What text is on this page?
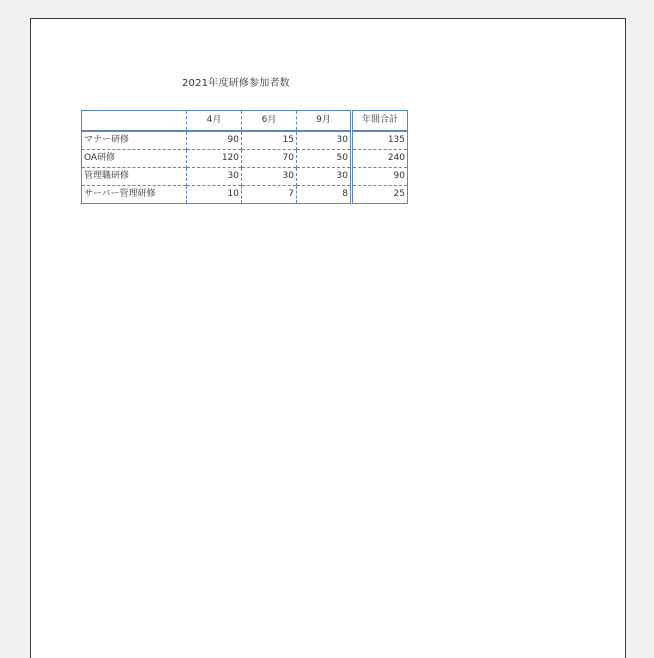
2021年度研修参加者数
	4月	6月	9月	年間合計
マナー研修	90	15	30	135
OA研修	120	70	50	240
管理職研修	30	30	30	90
サーバー管理研修	10	7	8	25
